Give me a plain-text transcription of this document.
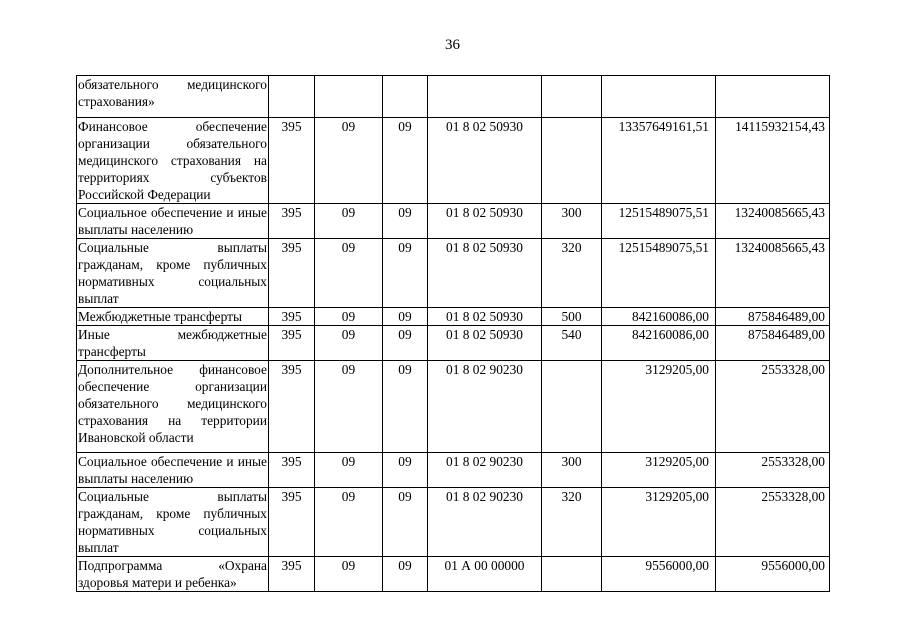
36
обязательного медицинского страхования»							
Финансовое обеспечение организации обязательного медицинского страхования на территориях субъектов Российской Федерации	395	09	09	01 8 02 50930		13357649161,51	14115932154,43
Социальное обеспечение и иные выплаты населению	395	09	09	01 8 02 50930	300	12515489075,51	13240085665,43
Социальные выплаты гражданам, кроме публичных нормативных социальных выплат	395	09	09	01 8 02 50930	320	12515489075,51	13240085665,43
Межбюджетные трансферты	395	09	09	01 8 02 50930	500	842160086,00	875846489,00
Иные межбюджетные трансферты	395	09	09	01 8 02 50930	540	842160086,00	875846489,00
Дополнительное финансовое обеспечение организации обязательного медицинского страхования на территории Ивановской области	395	09	09	01 8 02 90230		3129205,00	2553328,00
Социальное обеспечение и иные выплаты населению	395	09	09	01 8 02 90230	300	3129205,00	2553328,00
Социальные выплаты гражданам, кроме публичных нормативных социальных выплат	395	09	09	01 8 02 90230	320	3129205,00	2553328,00
Подпрограмма «Охрана здоровья матери и ребенка»	395	09	09	01 А 00 00000		9556000,00	9556000,00
